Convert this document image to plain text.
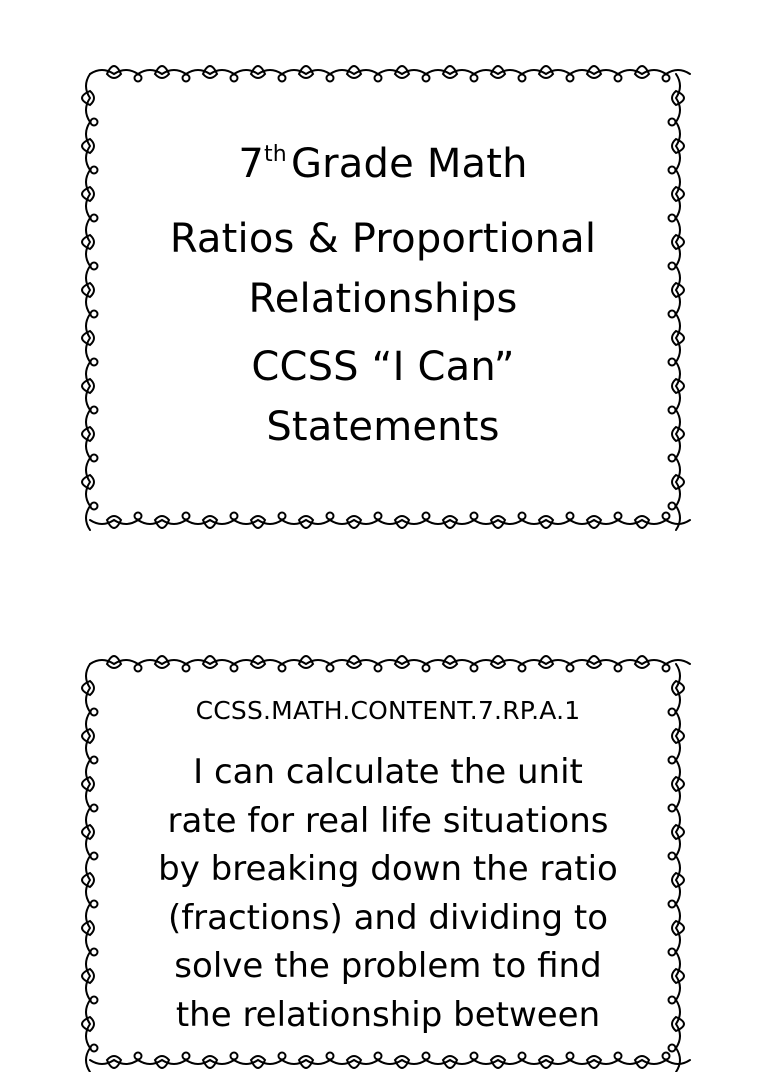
7th Grade Math
Ratios & Proportional
Relationships
CCSS “I Can”
Statements
CCSS.MATH.CONTENT.7.RP.A.1
I can calculate the unit
rate for real life situations
by breaking down the ratio
(fractions) and dividing to
solve the problem to find
the relationship between
